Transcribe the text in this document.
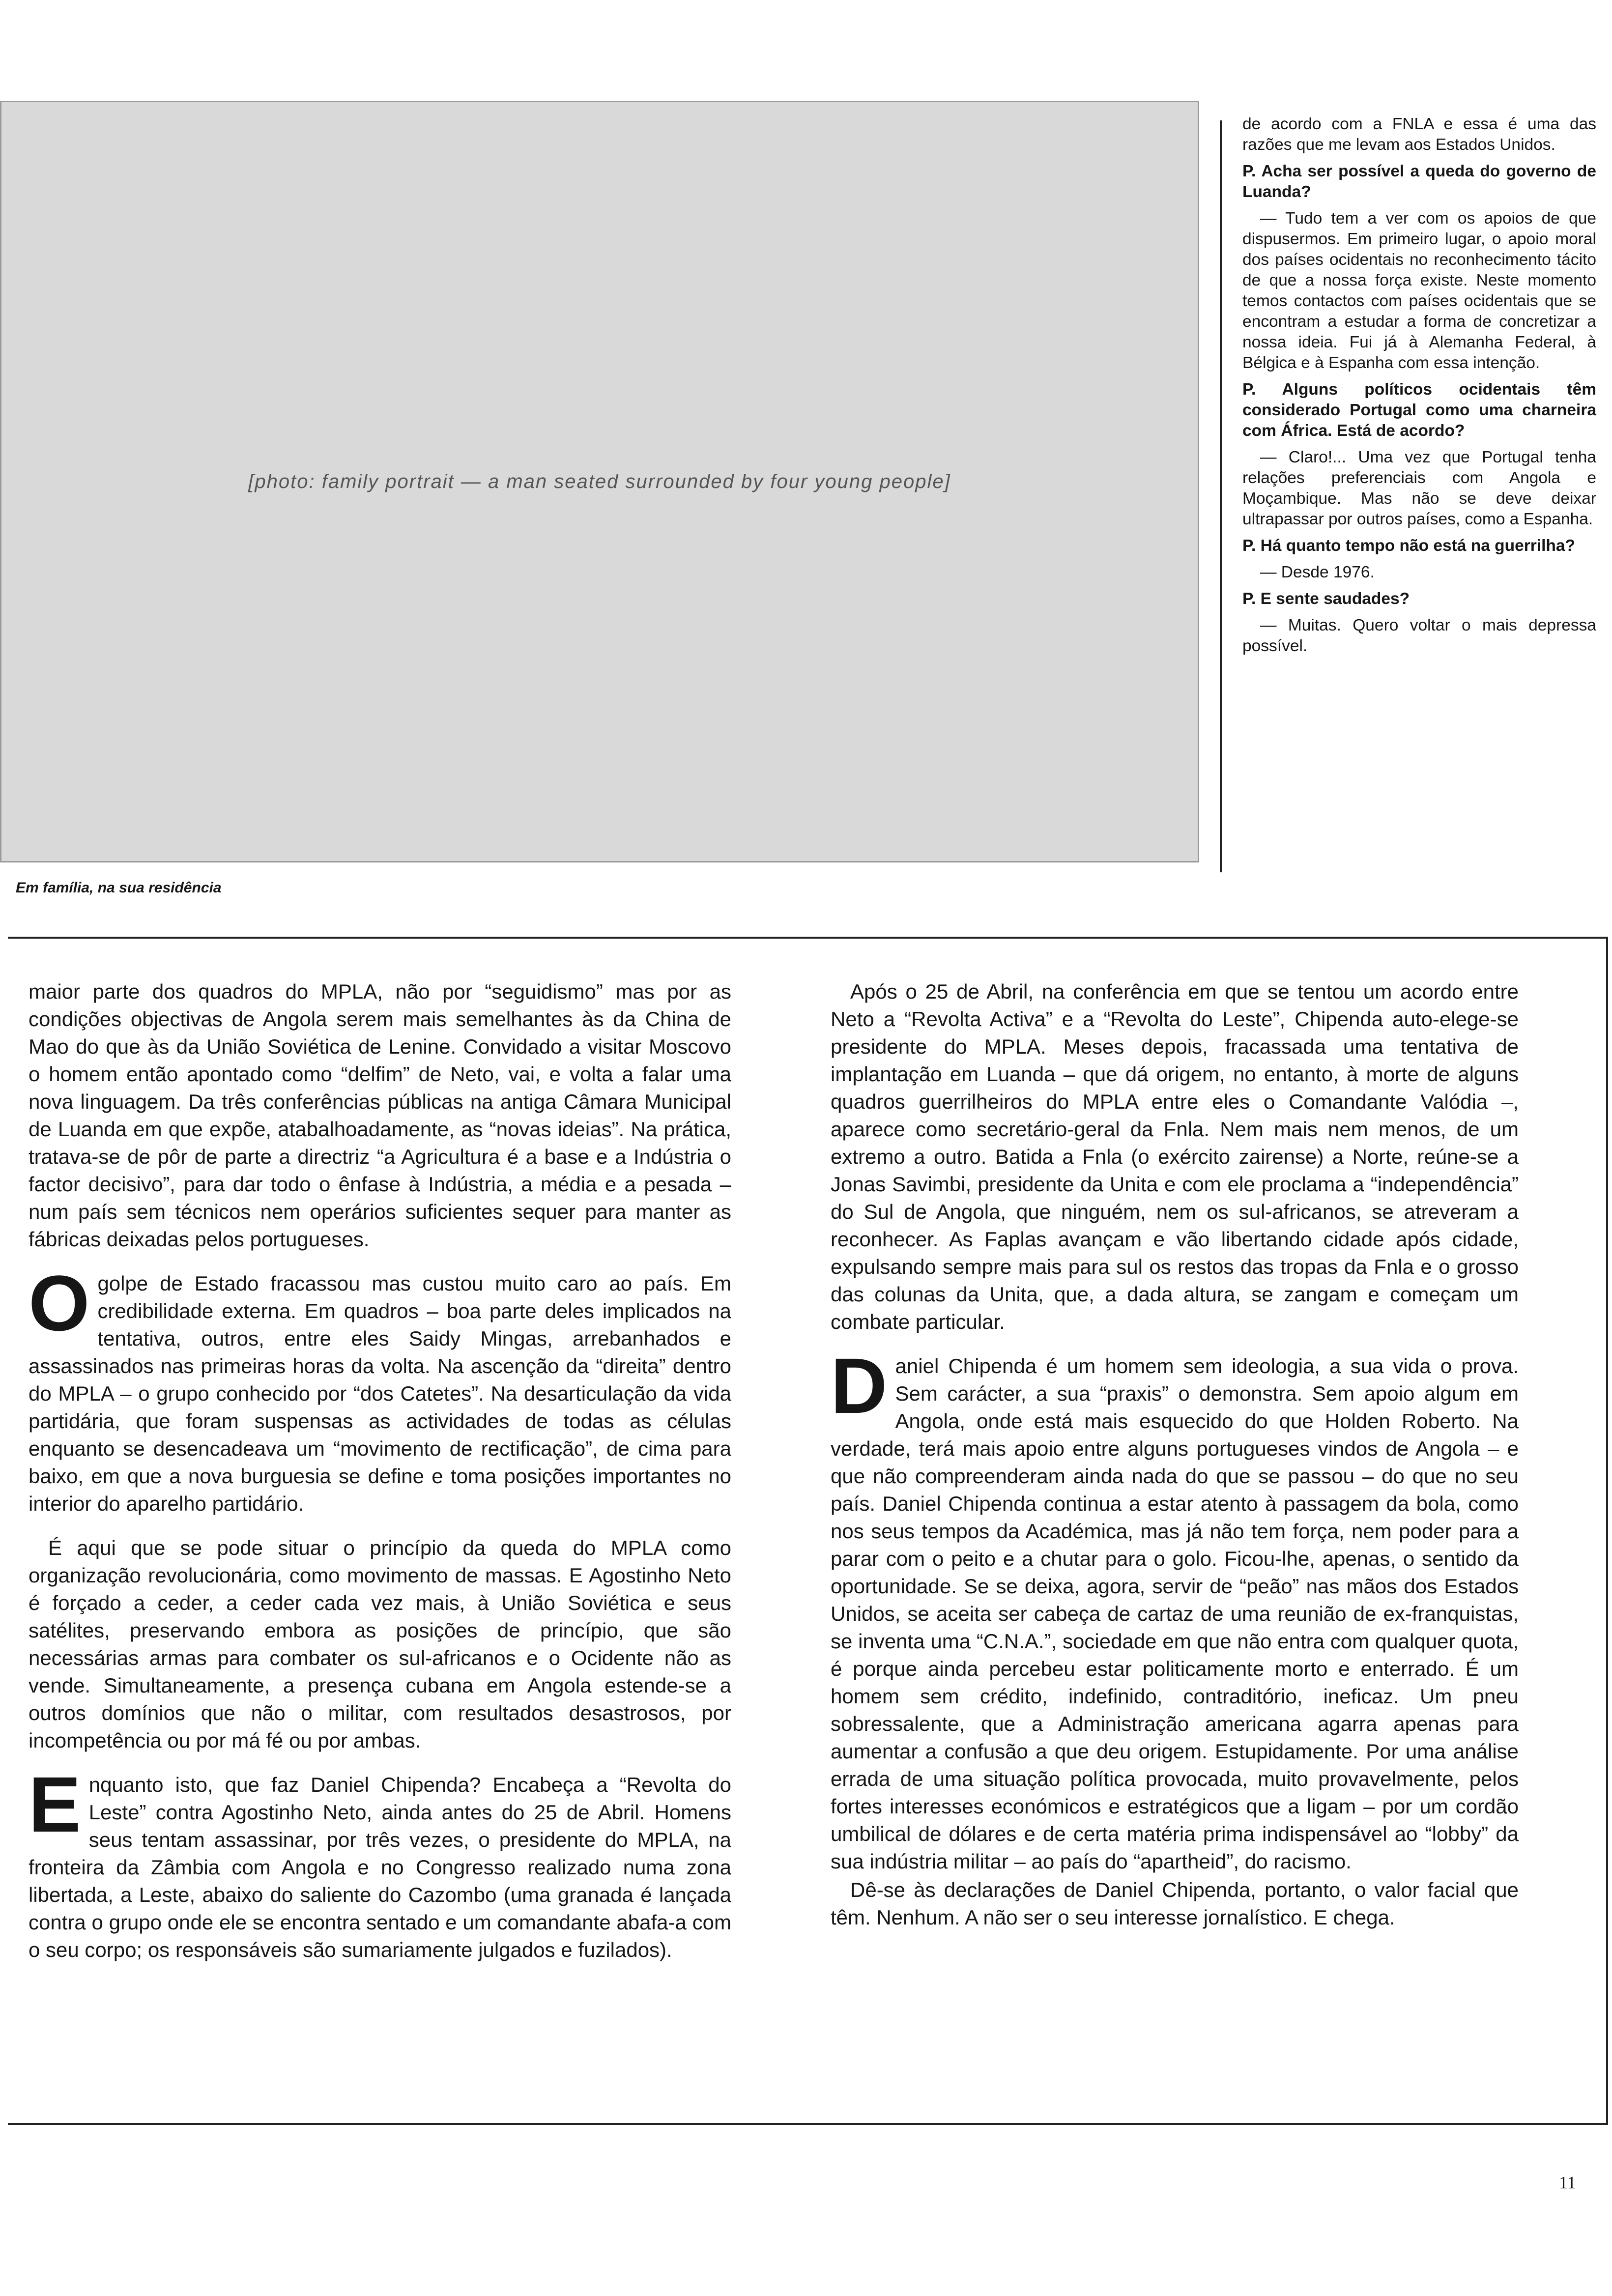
[photo: family portrait — a man seated surrounded by four young people]
Em família, na sua residência

de acordo com a FNLA e essa é uma das razões que me levam aos Estados Unidos.

P. Acha ser possível a queda do governo de Luanda?

— Tudo tem a ver com os apoios de que dispusermos. Em primeiro lugar, o apoio moral dos países ocidentais no reconhecimento tácito de que a nossa força existe. Neste momento temos contactos com países ocidentais que se encontram a estudar a forma de concretizar a nossa ideia. Fui já à Alemanha Federal, à Bélgica e à Espanha com essa intenção.

P. Alguns políticos ocidentais têm considerado Portugal como uma charneira com África. Está de acordo?

— Claro!... Uma vez que Portugal tenha relações preferenciais com Angola e Moçambique. Mas não se deve deixar ultrapassar por outros países, como a Espanha.

P. Há quanto tempo não está na guerrilha?

— Desde 1976.

P. E sente saudades?

— Muitas. Quero voltar o mais depressa possível.

maior parte dos quadros do MPLA, não por “seguidismo” mas por as condições objectivas de Angola serem mais semelhantes às da China de Mao do que às da União Soviética de Lenine. Convidado a visitar Moscovo o homem então apontado como “delfim” de Neto, vai, e volta a falar uma nova linguagem. Da três conferências públicas na antiga Câmara Municipal de Luanda em que expõe, atabalhoadamente, as “novas ideias”. Na prática, tratava-se de pôr de parte a directriz “a Agricultura é a base e a Indústria o factor decisivo”, para dar todo o ênfase à Indústria, a média e a pesada – num país sem técnicos nem operários suficientes sequer para manter as fábricas deixadas pelos portugueses.

Ogolpe de Estado fracassou mas custou muito caro ao país. Em credibilidade externa. Em quadros – boa parte deles implicados na tentativa, outros, entre eles Saidy Mingas, arrebanhados e assassinados nas primeiras horas da volta. Na ascenção da “direita” dentro do MPLA – o grupo conhecido por “dos Catetes”. Na desarticulação da vida partidária, que foram suspensas as actividades de todas as células enquanto se desencadeava um “movimento de rectificação”, de cima para baixo, em que a nova burguesia se define e toma posições importantes no interior do aparelho partidário.

É aqui que se pode situar o princípio da queda do MPLA como organização revolucionária, como movimento de massas. E Agostinho Neto é forçado a ceder, a ceder cada vez mais, à União Soviética e seus satélites, preservando embora as posições de princípio, que são necessárias armas para combater os sul-africanos e o Ocidente não as vende. Simultaneamente, a presença cubana em Angola estende-se a outros domínios que não o militar, com resultados desastrosos, por incompetência ou por má fé ou por ambas.

Enquanto isto, que faz Daniel Chipenda? Encabeça a “Revolta do Leste” contra Agostinho Neto, ainda antes do 25 de Abril. Homens seus tentam assassinar, por três vezes, o presidente do MPLA, na fronteira da Zâmbia com Angola e no Congresso realizado numa zona libertada, a Leste, abaixo do saliente do Cazombo (uma granada é lançada contra o grupo onde ele se encontra sentado e um comandante abafa-a com o seu corpo; os responsáveis são sumariamente julgados e fuzilados).

Após o 25 de Abril, na conferência em que se tentou um acordo entre Neto a “Revolta Activa” e a “Revolta do Leste”, Chipenda auto-elege-se presidente do MPLA. Meses depois, fracassada uma tentativa de implantação em Luanda – que dá origem, no entanto, à morte de alguns quadros guerrilheiros do MPLA entre eles o Comandante Valódia –, aparece como secretário-geral da Fnla. Nem mais nem menos, de um extremo a outro. Batida a Fnla (o exército zairense) a Norte, reúne-se a Jonas Savimbi, presidente da Unita e com ele proclama a “independência” do Sul de Angola, que ninguém, nem os sul-africanos, se atreveram a reconhecer. As Faplas avançam e vão libertando cidade após cidade, expulsando sempre mais para sul os restos das tropas da Fnla e o grosso das colunas da Unita, que, a dada altura, se zangam e começam um combate particular.

Daniel Chipenda é um homem sem ideologia, a sua vida o prova. Sem carácter, a sua “praxis” o demonstra. Sem apoio algum em Angola, onde está mais esquecido do que Holden Roberto. Na verdade, terá mais apoio entre alguns portugueses vindos de Angola – e que não compreenderam ainda nada do que se passou – do que no seu país. Daniel Chipenda continua a estar atento à passagem da bola, como nos seus tempos da Académica, mas já não tem força, nem poder para a parar com o peito e a chutar para o golo. Ficou-lhe, apenas, o sentido da oportunidade. Se se deixa, agora, servir de “peão” nas mãos dos Estados Unidos, se aceita ser cabeça de cartaz de uma reunião de ex-franquistas, se inventa uma “C.N.A.”, sociedade em que não entra com qualquer quota, é porque ainda percebeu estar politicamente morto e enterrado. É um homem sem crédito, indefinido, contraditório, ineficaz. Um pneu sobressalente, que a Administração americana agarra apenas para aumentar a confusão a que deu origem. Estupidamente. Por uma análise errada de uma situação política provocada, muito provavelmente, pelos fortes interesses económicos e estratégicos que a ligam – por um cordão umbilical de dólares e de certa matéria prima indispensável ao “lobby” da sua indústria militar – ao país do “apartheid”, do racismo.

Dê-se às declarações de Daniel Chipenda, portanto, o valor facial que têm. Nenhum. A não ser o seu interesse jornalístico. E chega.

11
